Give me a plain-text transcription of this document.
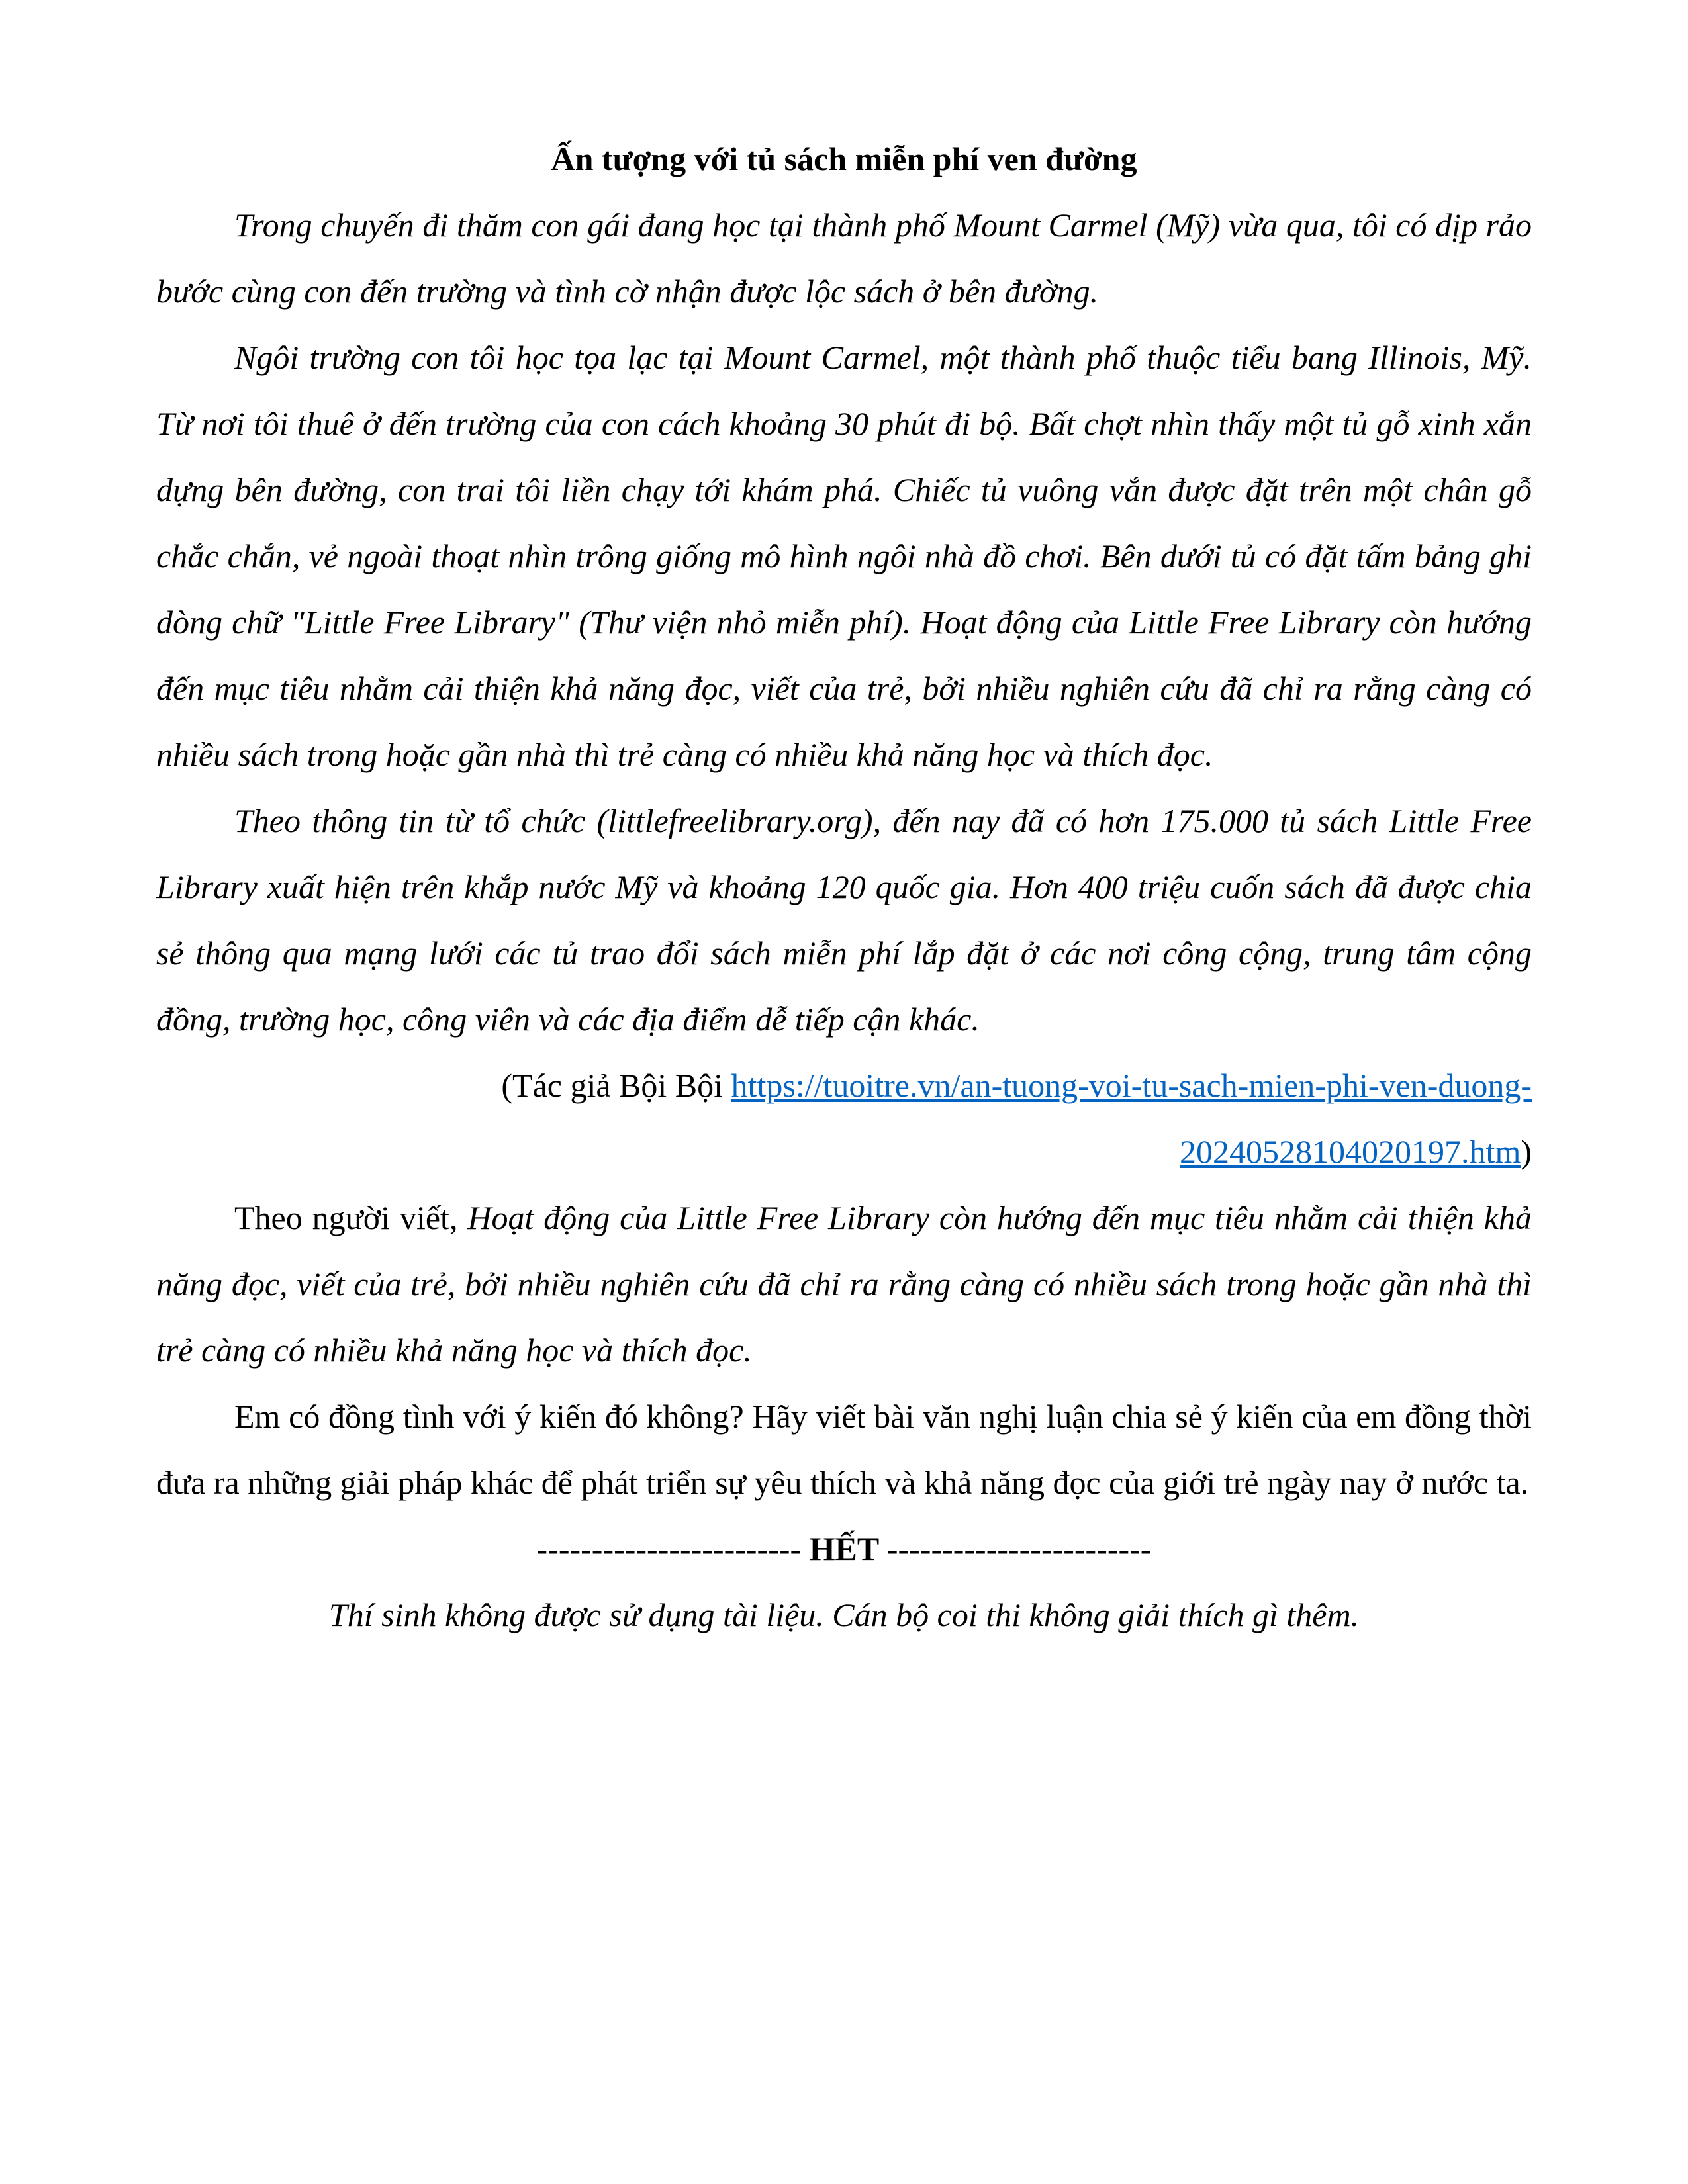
Ấn tượng với tủ sách miễn phí ven đường

Trong chuyến đi thăm con gái đang học tại thành phố Mount Carmel (Mỹ) vừa qua, tôi có dịp rảo bước cùng con đến trường và tình cờ nhận được lộc sách ở bên đường.

Ngôi trường con tôi học tọa lạc tại Mount Carmel, một thành phố thuộc tiểu bang Illinois, Mỹ. Từ nơi tôi thuê ở đến trường của con cách khoảng 30 phút đi bộ. Bất chợt nhìn thấy một tủ gỗ xinh xắn dựng bên đường, con trai tôi liền chạy tới khám phá. Chiếc tủ vuông vắn được đặt trên một chân gỗ chắc chắn, vẻ ngoài thoạt nhìn trông giống mô hình ngôi nhà đồ chơi. Bên dưới tủ có đặt tấm bảng ghi dòng chữ "Little Free Library" (Thư viện nhỏ miễn phí). Hoạt động của Little Free Library còn hướng đến mục tiêu nhằm cải thiện khả năng đọc, viết của trẻ, bởi nhiều nghiên cứu đã chỉ ra rằng càng có nhiều sách trong hoặc gần nhà thì trẻ càng có nhiều khả năng học và thích đọc.

Theo thông tin từ tổ chức (littlefreelibrary.org), đến nay đã có hơn 175.000 tủ sách Little Free Library xuất hiện trên khắp nước Mỹ và khoảng 120 quốc gia. Hơn 400 triệu cuốn sách đã được chia sẻ thông qua mạng lưới các tủ trao đổi sách miễn phí lắp đặt ở các nơi công cộng, trung tâm cộng đồng, trường học, công viên và các địa điểm dễ tiếp cận khác.

(Tác giả Bội Bội https://tuoitre.vn/an-tuong-voi-tu-sach-mien-phi-ven-duong-20240528104020197.htm)

Theo người viết, Hoạt động của Little Free Library còn hướng đến mục tiêu nhằm cải thiện khả năng đọc, viết của trẻ, bởi nhiều nghiên cứu đã chỉ ra rằng càng có nhiều sách trong hoặc gần nhà thì trẻ càng có nhiều khả năng học và thích đọc.

Em có đồng tình với ý kiến đó không? Hãy viết bài văn nghị luận chia sẻ ý kiến của em đồng thời đưa ra những giải pháp khác để phát triển sự yêu thích và khả năng đọc của giới trẻ ngày nay ở nước ta.

------------------------ HẾT ------------------------

Thí sinh không được sử dụng tài liệu. Cán bộ coi thi không giải thích gì thêm.
